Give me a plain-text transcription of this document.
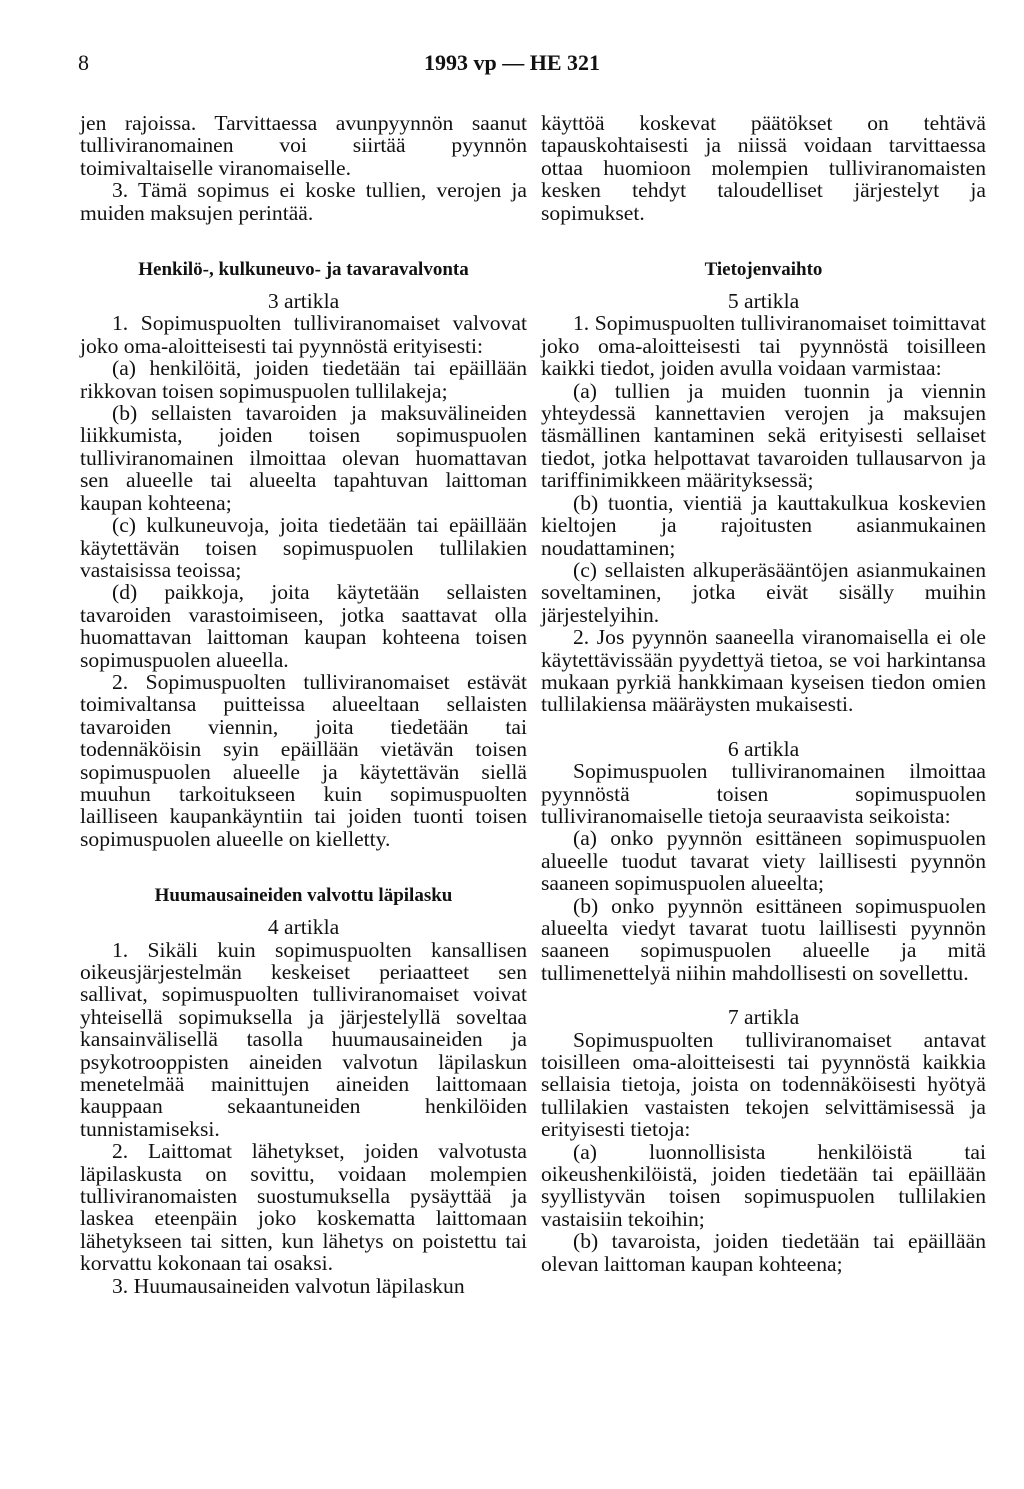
8	1993 vp — HE 321

jen rajoissa. Tarvittaessa avunpyynnön saanut tulliviranomainen voi siirtää pyynnön toimivaltaiselle viranomaiselle.

3. Tämä sopimus ei koske tullien, verojen ja muiden maksujen perintää.

Henkilö-, kulkuneuvo- ja tavaravalvonta

3 artikla

1. Sopimuspuolten tulliviranomaiset valvovat joko oma-aloitteisesti tai pyynnöstä erityisesti:

(a) henkilöitä, joiden tiedetään tai epäillään rikkovan toisen sopimuspuolen tullilakeja;

(b) sellaisten tavaroiden ja maksuvälineiden liikkumista, joiden toisen sopimuspuolen tulliviranomainen ilmoittaa olevan huomattavan sen alueelle tai alueelta tapahtuvan laittoman kaupan kohteena;

(c) kulkuneuvoja, joita tiedetään tai epäillään käytettävän toisen sopimuspuolen tullilakien vastaisissa teoissa;

(d) paikkoja, joita käytetään sellaisten tavaroiden varastoimiseen, jotka saattavat olla huomattavan laittoman kaupan kohteena toisen sopimuspuolen alueella.

2. Sopimuspuolten tulliviranomaiset estävät toimivaltansa puitteissa alueeltaan sellaisten tavaroiden viennin, joita tiedetään tai todennäköisin syin epäillään vietävän toisen sopimuspuolen alueelle ja käytettävän siellä muuhun tarkoitukseen kuin sopimuspuolten lailliseen kaupankäyntiin tai joiden tuonti toisen sopimuspuolen alueelle on kielletty.

Huumausaineiden valvottu läpilasku

4 artikla

1. Sikäli kuin sopimuspuolten kansallisen oikeusjärjestelmän keskeiset periaatteet sen sallivat, sopimuspuolten tulliviranomaiset voivat yhteisellä sopimuksella ja järjestelyllä soveltaa kansainvälisellä tasolla huumausaineiden ja psykotrooppisten aineiden valvotun läpilaskun menetelmää mainittujen aineiden laittomaan kauppaan sekaantuneiden henkilöiden tunnistamiseksi.

2. Laittomat lähetykset, joiden valvotusta läpilaskusta on sovittu, voidaan molempien tulliviranomaisten suostumuksella pysäyttää ja laskea eteenpäin joko koskematta laittomaan lähetykseen tai sitten, kun lähetys on poistettu tai korvattu kokonaan tai osaksi.

3. Huumausaineiden valvotun läpilaskun

käyttöä koskevat päätökset on tehtävä tapauskohtaisesti ja niissä voidaan tarvittaessa ottaa huomioon molempien tulliviranomaisten kesken tehdyt taloudelliset järjestelyt ja sopimukset.

Tietojenvaihto

5 artikla

1. Sopimuspuolten tulliviranomaiset toimittavat joko oma-aloitteisesti tai pyynnöstä toisilleen kaikki tiedot, joiden avulla voidaan varmistaa:

(a) tullien ja muiden tuonnin ja viennin yhteydessä kannettavien verojen ja maksujen täsmällinen kantaminen sekä erityisesti sellaiset tiedot, jotka helpottavat tavaroiden tullausarvon ja tariffinimikkeen määrityksessä;

(b) tuontia, vientiä ja kauttakulkua koskevien kieltojen ja rajoitusten asianmukainen noudattaminen;

(c) sellaisten alkuperäsääntöjen asianmukainen soveltaminen, jotka eivät sisälly muihin järjestelyihin.

2. Jos pyynnön saaneella viranomaisella ei ole käytettävissään pyydettyä tietoa, se voi harkintansa mukaan pyrkiä hankkimaan kyseisen tiedon omien tullilakiensa määräysten mukaisesti.

6 artikla

Sopimuspuolen tulliviranomainen ilmoittaa pyynnöstä toisen sopimuspuolen tulliviranomaiselle tietoja seuraavista seikoista:

(a) onko pyynnön esittäneen sopimuspuolen alueelle tuodut tavarat viety laillisesti pyynnön saaneen sopimuspuolen alueelta;

(b) onko pyynnön esittäneen sopimuspuolen alueelta viedyt tavarat tuotu laillisesti pyynnön saaneen sopimuspuolen alueelle ja mitä tullimenettelyä niihin mahdollisesti on sovellettu.

7 artikla

Sopimuspuolten tulliviranomaiset antavat toisilleen oma-aloitteisesti tai pyynnöstä kaikkia sellaisia tietoja, joista on todennäköisesti hyötyä tullilakien vastaisten tekojen selvittämisessä ja erityisesti tietoja:

(a) luonnollisista henkilöistä tai oikeushenkilöistä, joiden tiedetään tai epäillään syyllistyvän toisen sopimuspuolen tullilakien vastaisiin tekoihin;

(b) tavaroista, joiden tiedetään tai epäillään olevan laittoman kaupan kohteena;
